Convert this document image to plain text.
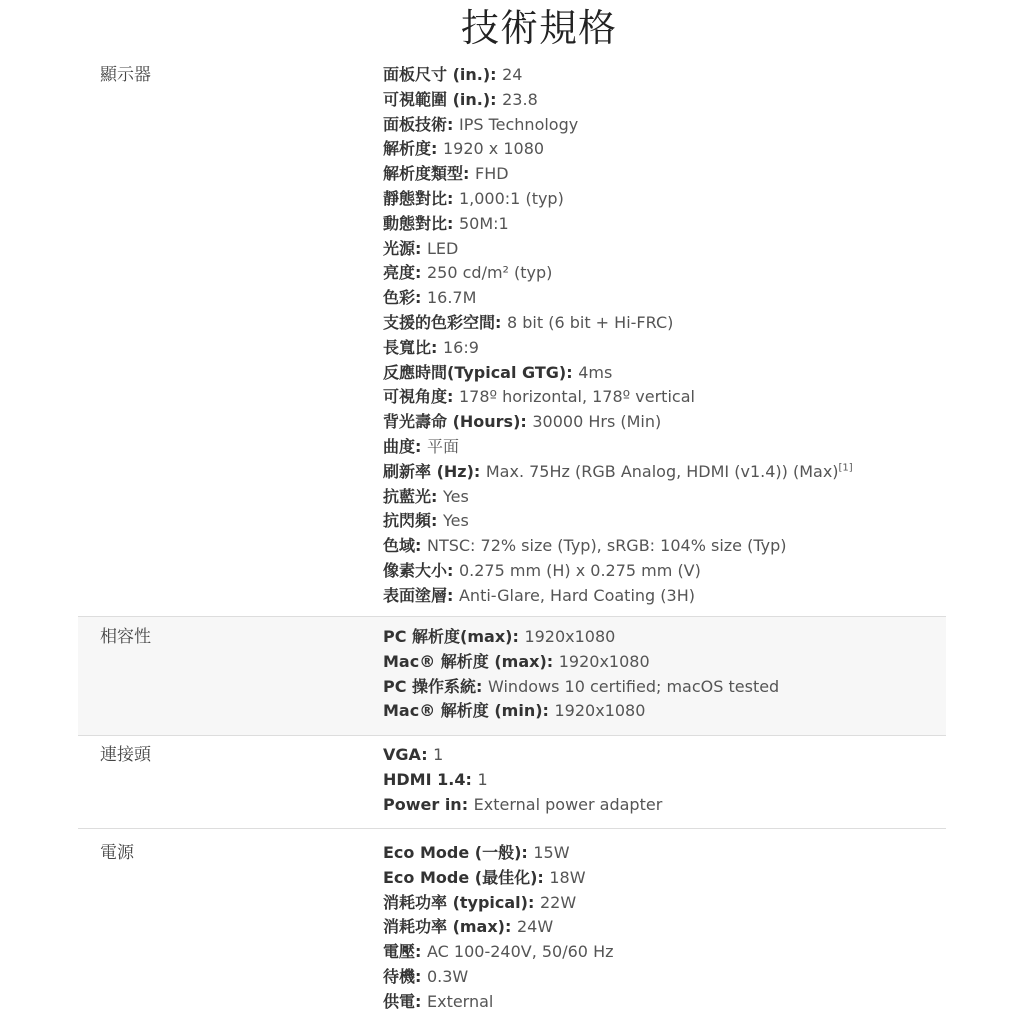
技術規格
顯示器	面板尺寸 (in.): 24
可視範圍 (in.): 23.8
面板技術: IPS Technology
解析度: 1920 x 1080
解析度類型: FHD
靜態對比: 1,000:1 (typ)
動態對比: 50M:1
光源: LED
亮度: 250 cd/m² (typ)
色彩: 16.7M
支援的色彩空間: 8 bit (6 bit + Hi-FRC)
長寬比: 16:9
反應時間(Typical GTG): 4ms
可視角度: 178º horizontal, 178º vertical
背光壽命 (Hours): 30000 Hrs (Min)
曲度: 平面
刷新率 (Hz): Max. 75Hz (RGB Analog, HDMI (v1.4)) (Max)[1]
抗藍光: Yes
抗閃頻: Yes
色域: NTSC: 72% size (Typ), sRGB: 104% size (Typ)
像素大小: 0.275 mm (H) x 0.275 mm (V)
表面塗層: Anti-Glare, Hard Coating (3H)
相容性	PC 解析度(max): 1920x1080
Mac® 解析度 (max): 1920x1080
PC 操作系統: Windows 10 certified; macOS tested
Mac® 解析度 (min): 1920x1080
連接頭	VGA: 1
HDMI 1.4: 1
Power in: External power adapter
電源	Eco Mode (一般): 15W
Eco Mode (最佳化): 18W
消耗功率 (typical): 22W
消耗功率 (max): 24W
電壓: AC 100-240V, 50/60 Hz
待機: 0.3W
供電: External
